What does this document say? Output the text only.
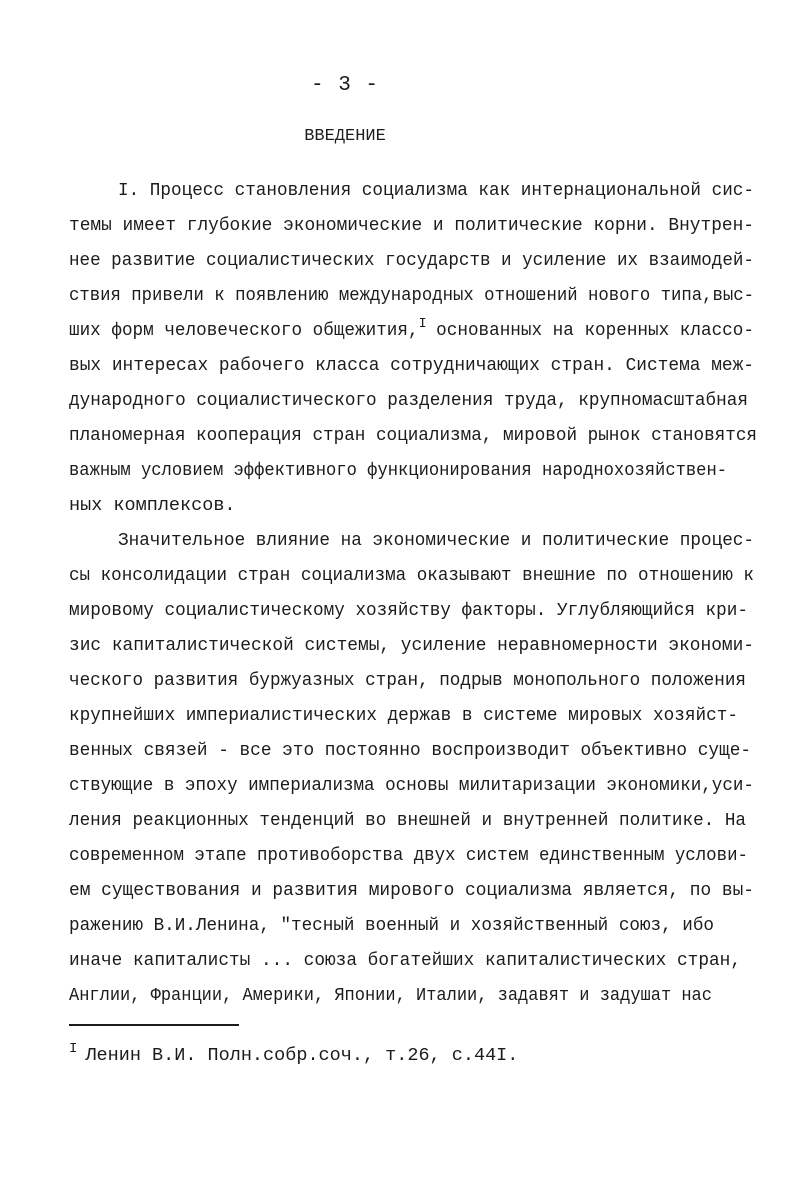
- 3 -
ВВЕДЕНИЕ
I. Процесс становления социализма как интернациональной сис-
темы имеет глубокие экономические и политические корни. Внутрен-
нее развитие социалистических государств и усиление их взаимодей-
ствия привели к появлению международных отношений нового типа,выс-
ших форм человеческого общежития,$^I$ основанных на коренных классо-
вых интересах рабочего класса сотрудничающих стран. Система меж-
дународного социалистического разделения труда, крупномасштабная
планомерная кооперация стран социализма, мировой рынок становятся
важным условием эффективного функционирования народнохозяйствен-
ных комплексов.
Значительное влияние на экономические и политические процес-
сы консолидации стран социализма оказывают внешние по отношению к
мировому социалистическому хозяйству факторы. Углубляющийся кри-
зис капиталистической системы, усиление неравномерности экономи-
ческого развития буржуазных стран, подрыв монопольного положения
крупнейших империалистических держав в системе мировых хозяйст-
венных связей - все это постоянно воспроизводит объективно суще-
ствующие в эпоху империализма основы милитаризации экономики,уси-
ления реакционных тенденций во внешней и внутренней политике. На
современном этапе противоборства двух систем единственным услови-
ем существования и развития мирового социализма является, по вы-
ражению В.И.Ленина, "тесный военный и хозяйственный союз, ибо
иначе капиталисты ... союза богатейших капиталистических стран,
Англии, Франции, Америки, Японии, Италии, задавят и задушат нас
$^I$ Ленин В.И. Полн.собр.соч., т.26, с.44I.
